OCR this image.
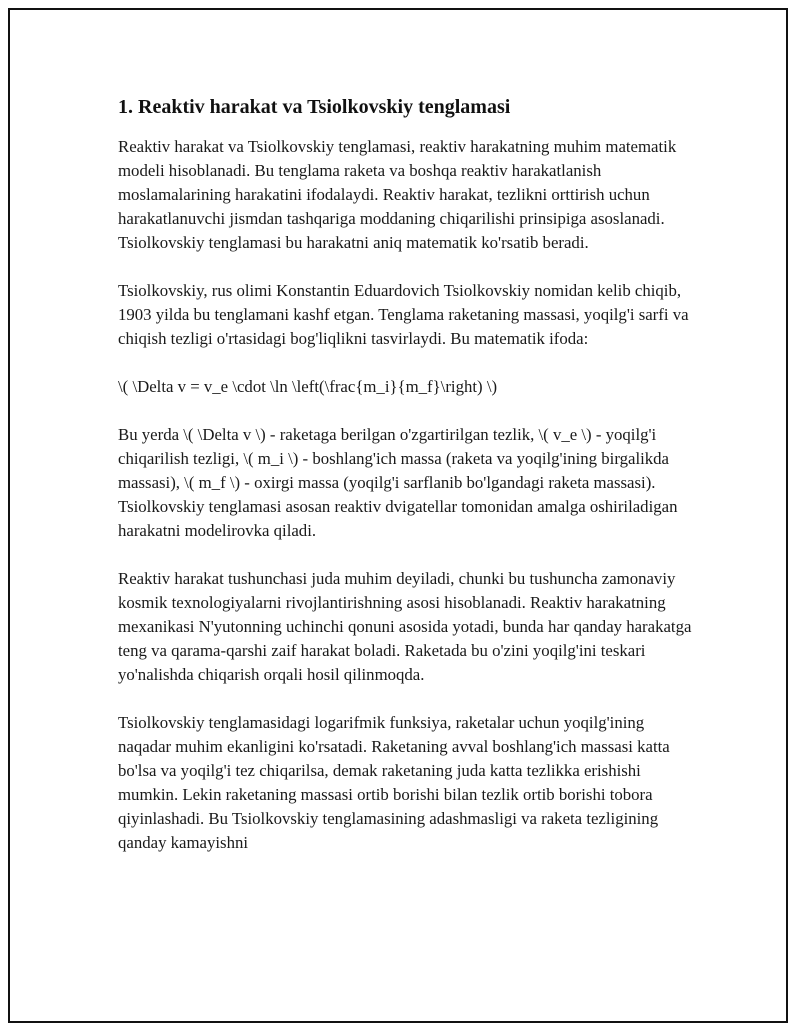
1. Reaktiv harakat va Tsiolkovskiy tenglamasi

Reaktiv harakat va Tsiolkovskiy tenglamasi, reaktiv harakatning muhim matematik modeli hisoblanadi. Bu tenglama raketa va boshqa reaktiv harakatlanish moslamalarining harakatini ifodalaydi. Reaktiv harakat, tezlikni orttirish uchun harakatlanuvchi jismdan tashqariga moddaning chiqarilishi prinsipiga asoslanadi. Tsiolkovskiy tenglamasi bu harakatni aniq matematik ko'rsatib beradi.

Tsiolkovskiy, rus olimi Konstantin Eduardovich Tsiolkovskiy nomidan kelib chiqib, 1903 yilda bu tenglamani kashf etgan. Tenglama raketaning massasi, yoqilg'i sarfi va chiqish tezligi o'rtasidagi bog'liqlikni tasvirlaydi. Bu matematik ifoda:

\( \Delta v = v_e \cdot \ln \left(\frac{m_i}{m_f}\right) \)

Bu yerda \( \Delta v \) - raketaga berilgan o'zgartirilgan tezlik, \( v_e \) - yoqilg'i chiqarilish tezligi, \( m_i \) - boshlang'ich massa (raketa va yoqilg'ining birgalikda massasi), \( m_f \) - oxirgi massa (yoqilg'i sarflanib bo'lgandagi raketa massasi). Tsiolkovskiy tenglamasi asosan reaktiv dvigatellar tomonidan amalga oshiriladigan harakatni modelirovka qiladi.

Reaktiv harakat tushunchasi juda muhim deyiladi, chunki bu tushuncha zamonaviy kosmik texnologiyalarni rivojlantirishning asosi hisoblanadi. Reaktiv harakatning mexanikasi N'yutonning uchinchi qonuni asosida yotadi, bunda har qanday harakatga teng va qarama-qarshi zaif harakat boladi. Raketada bu o'zini yoqilg'ini teskari yo'nalishda chiqarish orqali hosil qilinmoqda.

Tsiolkovskiy tenglamasidagi logarifmik funksiya, raketalar uchun yoqilg'ining naqadar muhim ekanligini ko'rsatadi. Raketaning avval boshlang'ich massasi katta bo'lsa va yoqilg'i tez chiqarilsa, demak raketaning juda katta tezlikka erishishi mumkin. Lekin raketaning massasi ortib borishi bilan tezlik ortib borishi tobora qiyinlashadi. Bu Tsiolkovskiy tenglamasining adashmasligi va raketa tezligining qanday kamayishni
